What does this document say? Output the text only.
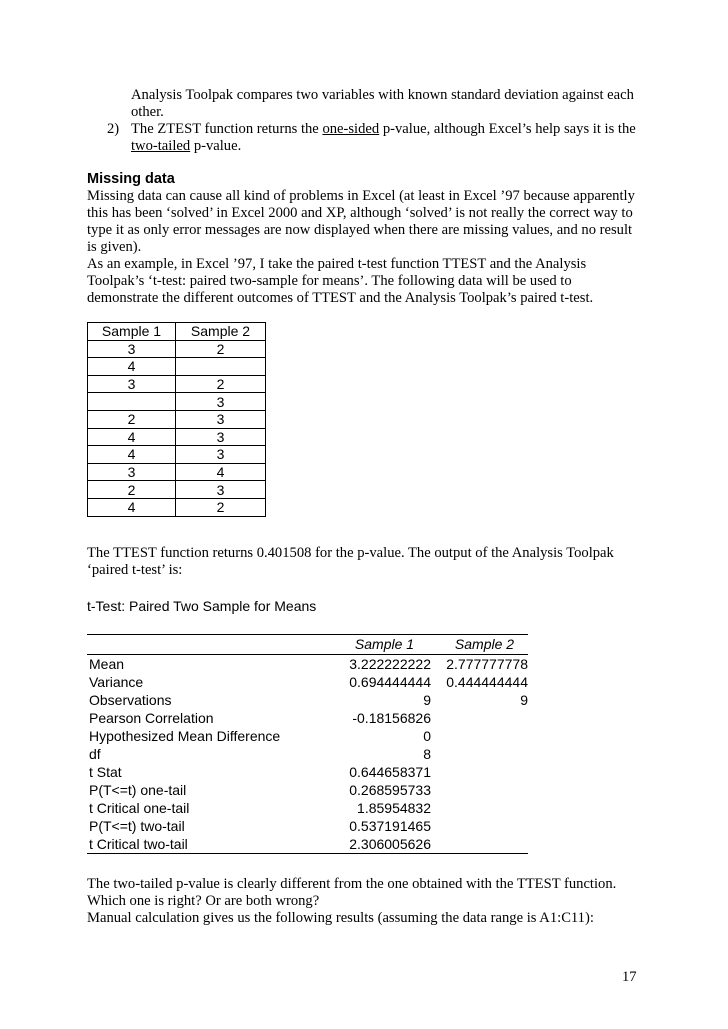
Analysis Toolpak compares two variables with known standard deviation against each
other.
2) The ZTEST function returns the one-sided p-value, although Excel’s help says it is the
two-tailed p-value.
Missing data
Missing data can cause all kind of problems in Excel (at least in Excel ’97 because apparently
this has been ‘solved’ in Excel 2000 and XP, although ‘solved’ is not really the correct way to
type it as only error messages are now displayed when there are missing values, and no result
is given).
As an example, in Excel ’97, I take the paired t-test function TTEST and the Analysis
Toolpak’s ‘t-test: paired two-sample for means’. The following data will be used to
demonstrate the different outcomes of TTEST and the Analysis Toolpak’s paired t-test.
Sample 1	Sample 2
3	2
4	
3	2
	3
2	3
4	3
4	3
3	4
2	3
4	2
The TTEST function returns 0.401508 for the p-value. The output of the Analysis Toolpak
‘paired t-test’ is:
t-Test: Paired Two Sample for Means
Sample 1	Sample 2
Mean	3.222222222	2.777777778
Variance	0.694444444	0.444444444
Observations	9	9
Pearson Correlation	-0.18156826
Hypothesized Mean Difference	0
df	8
t Stat	0.644658371
P(T<=t) one-tail	0.268595733
t Critical one-tail	1.85954832
P(T<=t) two-tail	0.537191465
t Critical two-tail	2.306005626
The two-tailed p-value is clearly different from the one obtained with the TTEST function.
Which one is right? Or are both wrong?
Manual calculation gives us the following results (assuming the data range is A1:C11):
17
